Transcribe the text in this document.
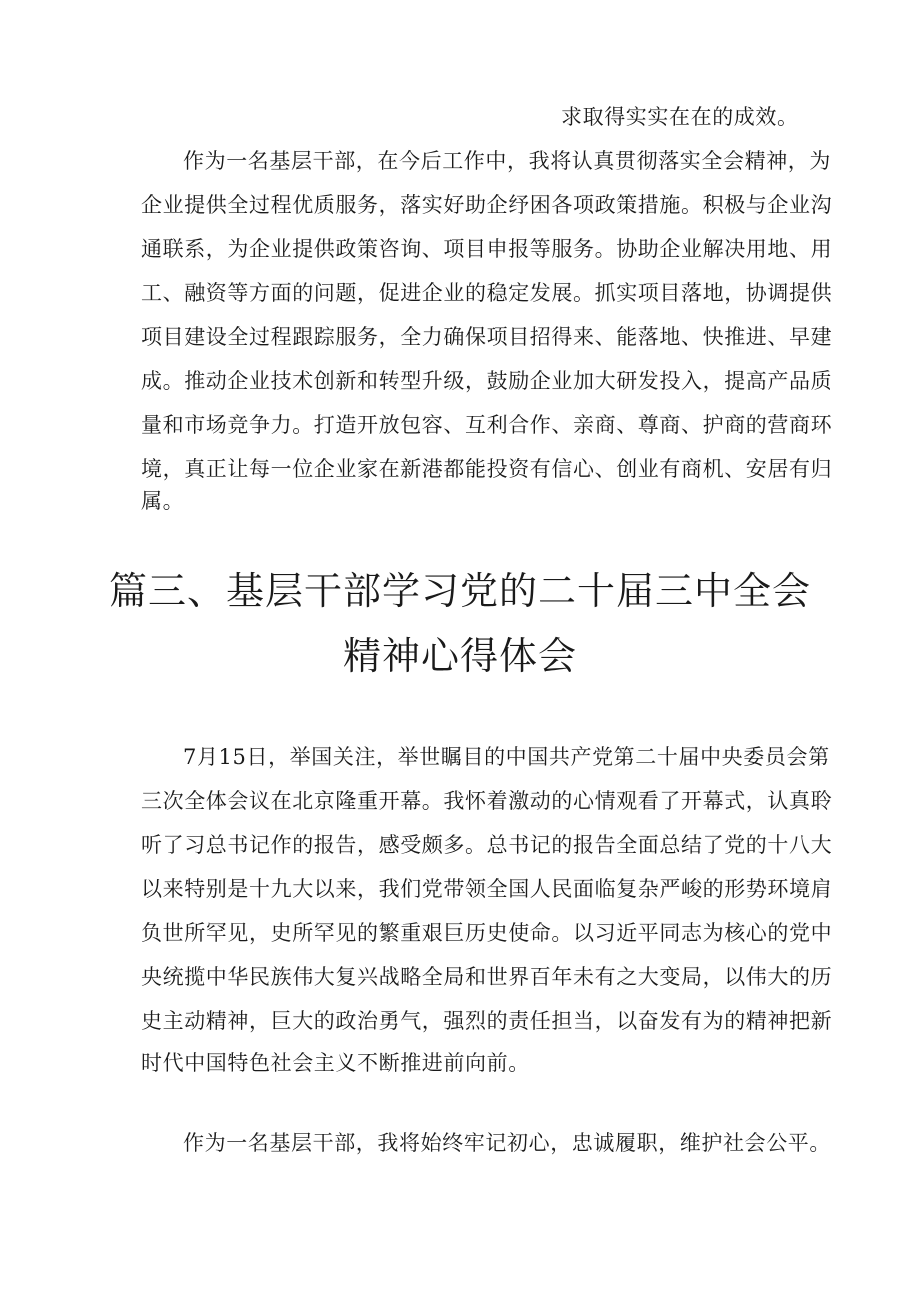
求取得实实在在的成效。
作为一名基层干部，在今后工作中，我将认真贯彻落实全会精神，为
企业提供全过程优质服务，落实好助企纾困各项政策措施。积极与企业沟
通联系，为企业提供政策咨询、项目申报等服务。协助企业解决用地、用
工、融资等方面的问题，促进企业的稳定发展。抓实项目落地，协调提供
项目建设全过程跟踪服务，全力确保项目招得来、能落地、快推进、早建
成。推动企业技术创新和转型升级，鼓励企业加大研发投入，提高产品质
量和市场竞争力。打造开放包容、互利合作、亲商、尊商、护商的营商环
境，真正让每一位企业家在新港都能投资有信心、创业有商机、安居有归
属。
篇三、基层干部学习党的二十届三中全会
精神心得体会
7月15日，举国关注，举世瞩目的中国共产党第二十届中央委员会第
三次全体会议在北京隆重开幕。我怀着激动的心情观看了开幕式，认真聆
听了习总书记作的报告，感受颇多。总书记的报告全面总结了党的十八大
以来特别是十九大以来，我们党带领全国人民面临复杂严峻的形势环境肩
负世所罕见，史所罕见的繁重艰巨历史使命。以习近平同志为核心的党中
央统揽中华民族伟大复兴战略全局和世界百年未有之大变局，以伟大的历
史主动精神，巨大的政治勇气，强烈的责任担当，以奋发有为的精神把新
时代中国特色社会主义不断推进前向前。
作为一名基层干部，我将始终牢记初心，忠诚履职，维护社会公平。
